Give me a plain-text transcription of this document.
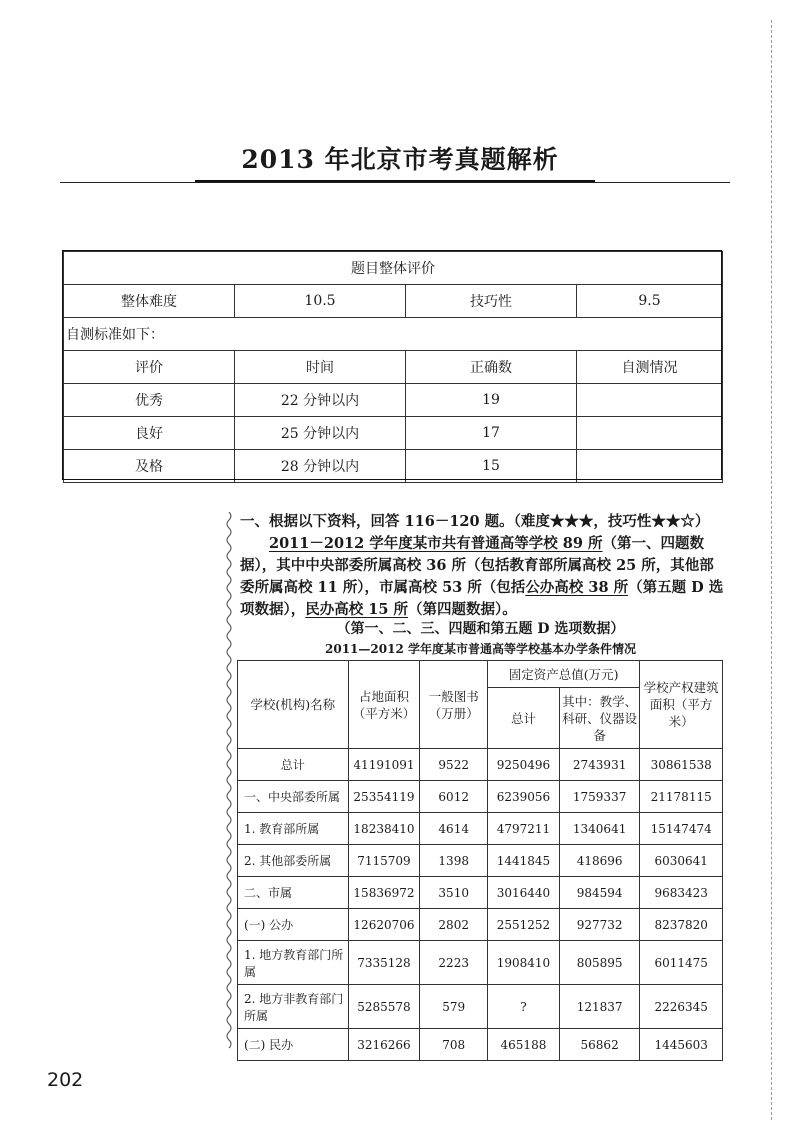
2013 年北京市考真题解析
题目整体评价			
整体难度	10.5	技巧性	9.5
自测标准如下：			
评价	时间	正确数	自测情况
优秀	22 分钟以内	19	
良好	25 分钟以内	17	
及格	28 分钟以内	15	

一、根据以下资料，回答 116－120 题。（难度★★★，技巧性★★☆）

2011－2012 学年度某市共有普通高等学校 89 所（第一、四题数据），其中中央部委所属高校 36 所（包括教育部所属高校 25 所，其他部委所属高校 11 所），市属高校 53 所（包括公办高校 38 所（第五题 D 选项数据），民办高校 15 所（第四题数据）。

（第一、二、三、四题和第五题 D 选项数据）
2011—2012 学年度某市普通高等学校基本办学条件情况
学校(机构)名称	占地面积（平方米）	一般图书（万册）	固定资产总值(万元)		学校产权建筑面积（平方米）
			总计	其中：教学、科研、仪器设备	
总计	41191091	9522	9250496	2743931	30861538
一、中央部委所属	25354119	6012	6239056	1759337	21178115
1. 教育部所属	18238410	4614	4797211	1340641	15147474
2. 其他部委所属	7115709	1398	1441845	418696	6030641
二、市属	15836972	3510	3016440	984594	9683423
(一) 公办	12620706	2802	2551252	927732	8237820
1. 地方教育部门所属	7335128	2223	1908410	805895	6011475
2. 地方非教育部门所属	5285578	579	?	121837	2226345
(二) 民办	3216266	708	465188	56862	1445603
202
